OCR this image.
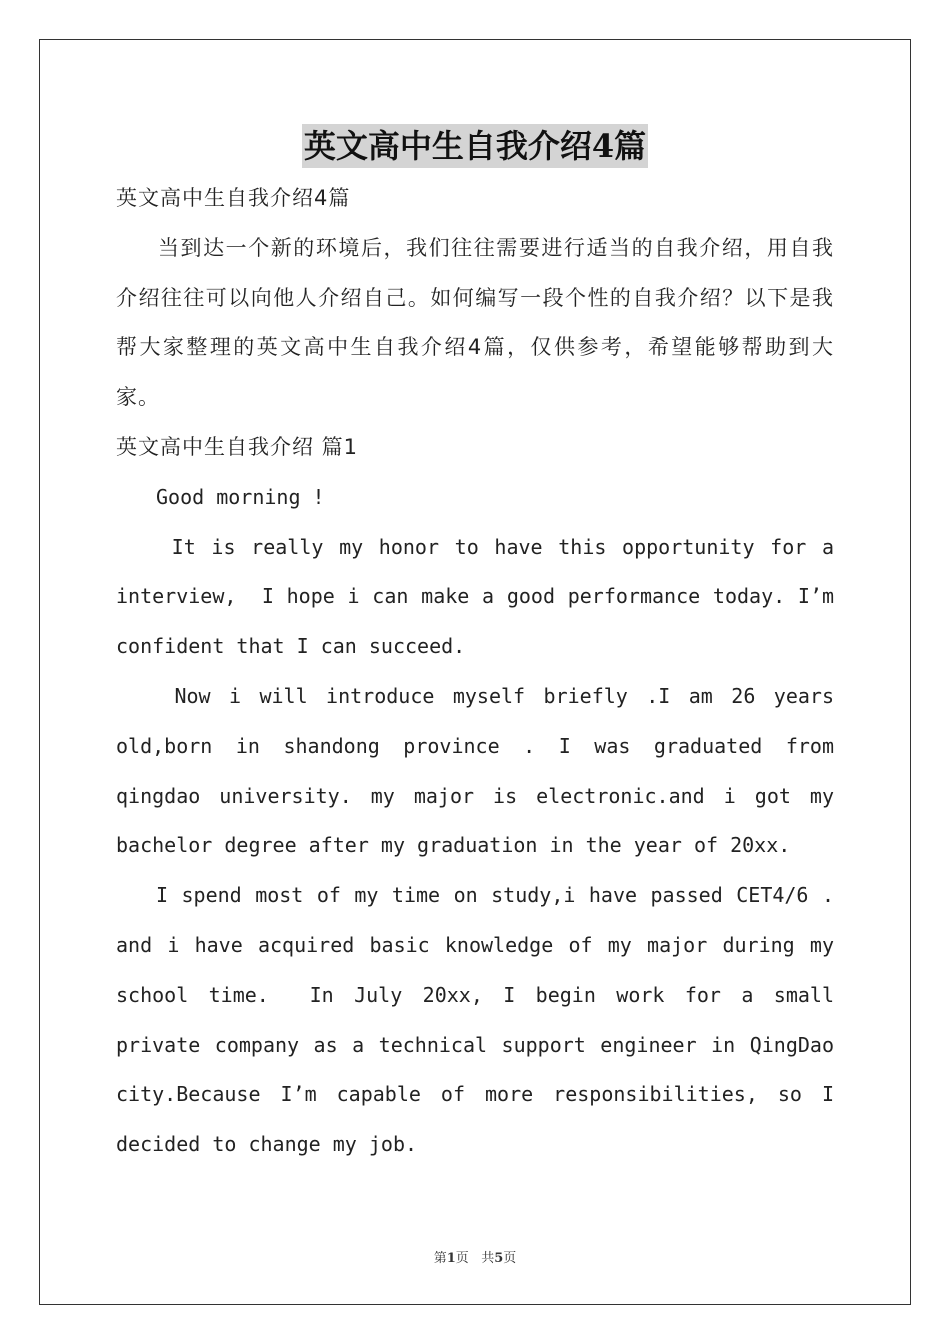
英文高中生自我介绍4篇

英文高中生自我介绍4篇

当到达一个新的环境后，我们往往需要进行适当的自我介绍，用自我介绍往往可以向他人介绍自己。如何编写一段个性的自我介绍？以下是我帮大家整理的英文高中生自我介绍4篇，仅供参考，希望能够帮助到大家。

英文高中生自我介绍 篇1

Good morning !

It is really my honor to have this opportunity for a interview,  I hope i can make a good performance today. I’m confident that I can succeed.

Now i will introduce myself briefly .I am 26 years old,born in shandong province . I was graduated from qingdao university. my major is electronic.and i got my bachelor degree after my graduation in the year of 20xx.

I spend most of my time on study,i have passed CET4/6 . and i have acquired basic knowledge of my major during my school time.  In July 20xx, I begin work for a small private company as a technical support engineer in QingDao city.Because I’m capable of more responsibilities, so I decided to change my job.

第1页 共5页
